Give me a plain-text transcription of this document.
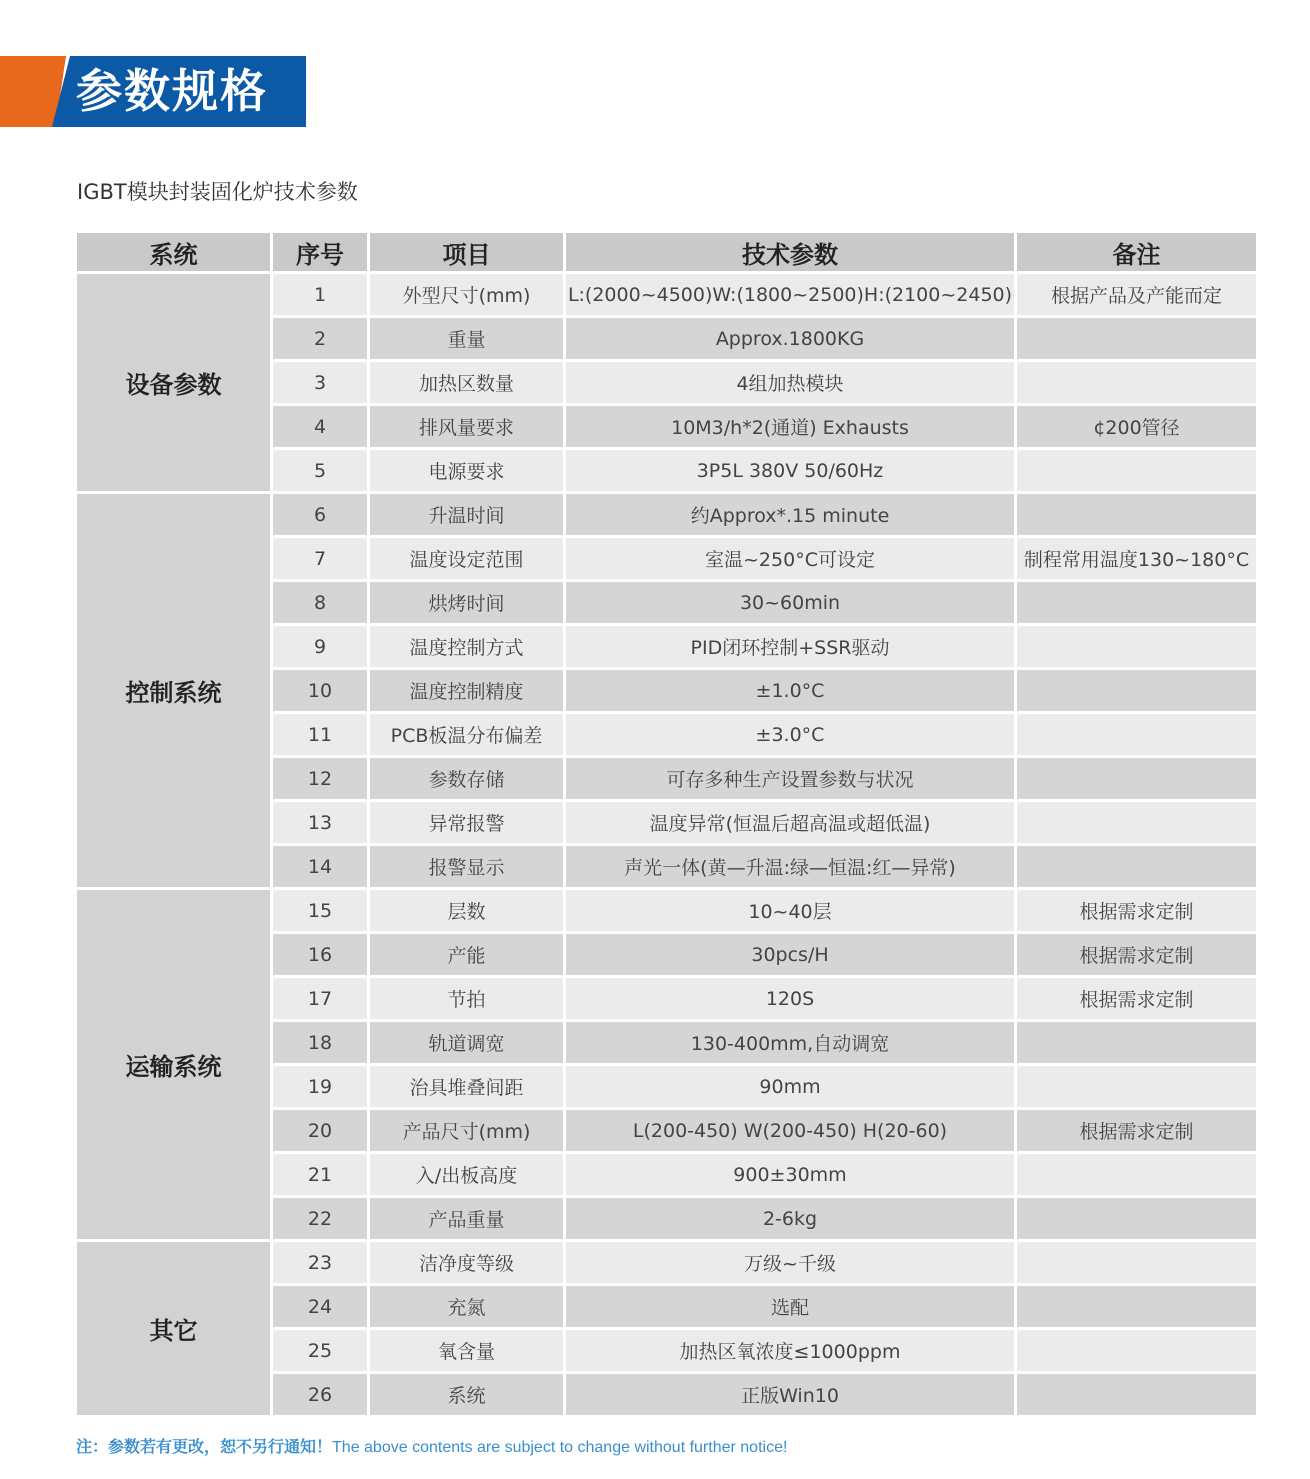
参数规格
IGBT模块封装固化炉技术参数
系统	序号	项目	技术参数	备注
设备参数	1	外型尺寸(mm)	L:(2000~4500)W:(1800~2500)H:(2100~2450)	根据产品及产能而定
	2	重量	Approx.1800KG	
	3	加热区数量	4组加热模块	
	4	排风量要求	10M3/h*2(通道) Exhausts	¢200管径
	5	电源要求	3P5L 380V 50/60Hz	
控制系统	6	升温时间	约Approx*.15 minute	
	7	温度设定范围	室温~250°C可设定	制程常用温度130~180°C
	8	烘烤时间	30~60min	
	9	温度控制方式	PID闭环控制+SSR驱动	
	10	温度控制精度	±1.0°C	
	11	PCB板温分布偏差	±3.0°C	
	12	参数存储	可存多种生产设置参数与状况	
	13	异常报警	温度异常(恒温后超高温或超低温)	
	14	报警显示	声光一体(黄—升温:绿—恒温:红—异常)	
运输系统	15	层数	10~40层	根据需求定制
	16	产能	30pcs/H	根据需求定制
	17	节拍	120S	根据需求定制
	18	轨道调宽	130-400mm,自动调宽	
	19	治具堆叠间距	90mm	
	20	产品尺寸(mm)	L(200-450) W(200-450) H(20-60)	根据需求定制
	21	入/出板高度	900±30mm	
	22	产品重量	2-6kg	
其它	23	洁净度等级	万级~千级	
	24	充氮	选配	
	25	氧含量	加热区氧浓度≤1000ppm	
	26	系统	正版Win10	
注：参数若有更改，恕不另行通知！The above contents are subject to change without further notice!
